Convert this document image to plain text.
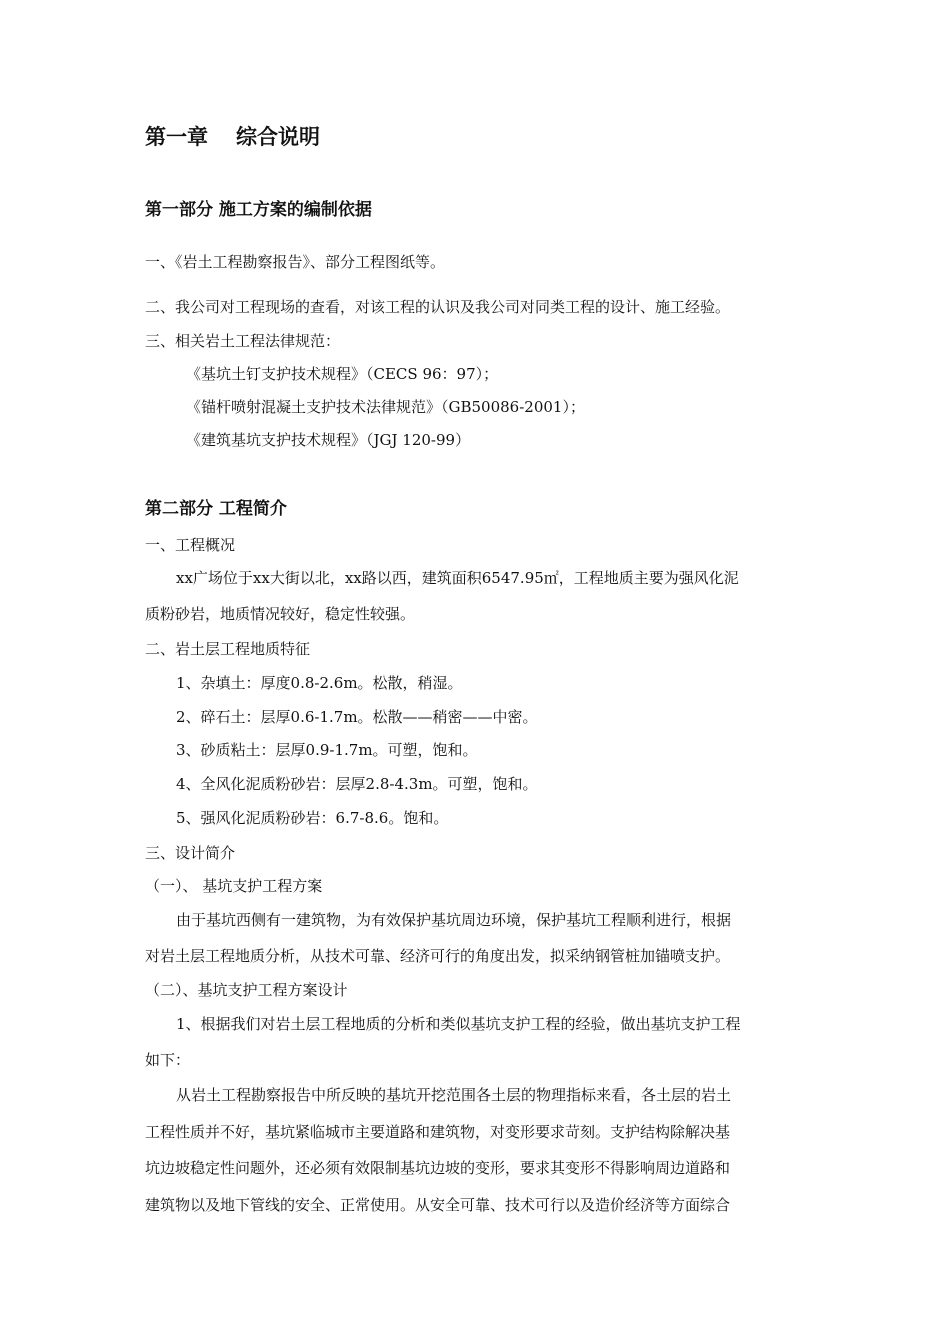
第一章 综合说明
第一部分 施工方案的编制依据
一、《岩土工程勘察报告》、部分工程图纸等。
二、我公司对工程现场的查看，对该工程的认识及我公司对同类工程的设计、施工经验。
三、相关岩土工程法律规范：
《基坑土钉支护技术规程》（CECS 96：97）；
《锚杆喷射混凝土支护技术法律规范》（GB50086-2001）；
《建筑基坑支护技术规程》（JGJ 120-99）
第二部分 工程简介
一、工程概况
xx广场位于xx大街以北，xx路以西，建筑面积6547.95㎡，工程地质主要为强风化泥
质粉砂岩，地质情况较好，稳定性较强。
二、岩土层工程地质特征
1、杂填土：厚度0.8-2.6m。松散，稍湿。
2、碎石土：层厚0.6-1.7m。松散——稍密——中密。
3、砂质粘土：层厚0.9-1.7m。可塑，饱和。
4、全风化泥质粉砂岩：层厚2.8-4.3m。可塑，饱和。
5、强风化泥质粉砂岩：6.7-8.6。饱和。
三、设计简介
（一）、 基坑支护工程方案
由于基坑西侧有一建筑物，为有效保护基坑周边环境，保护基坑工程顺利进行，根据
对岩土层工程地质分析，从技术可靠、经济可行的角度出发，拟采纳钢管桩加锚喷支护。
（二）、基坑支护工程方案设计
1、根据我们对岩土层工程地质的分析和类似基坑支护工程的经验，做出基坑支护工程
如下：
从岩土工程勘察报告中所反映的基坑开挖范围各土层的物理指标来看，各土层的岩土
工程性质并不好，基坑紧临城市主要道路和建筑物，对变形要求苛刻。支护结构除解决基
坑边坡稳定性问题外，还必须有效限制基坑边坡的变形，要求其变形不得影响周边道路和
建筑物以及地下管线的安全、正常使用。从安全可靠、技术可行以及造价经济等方面综合
